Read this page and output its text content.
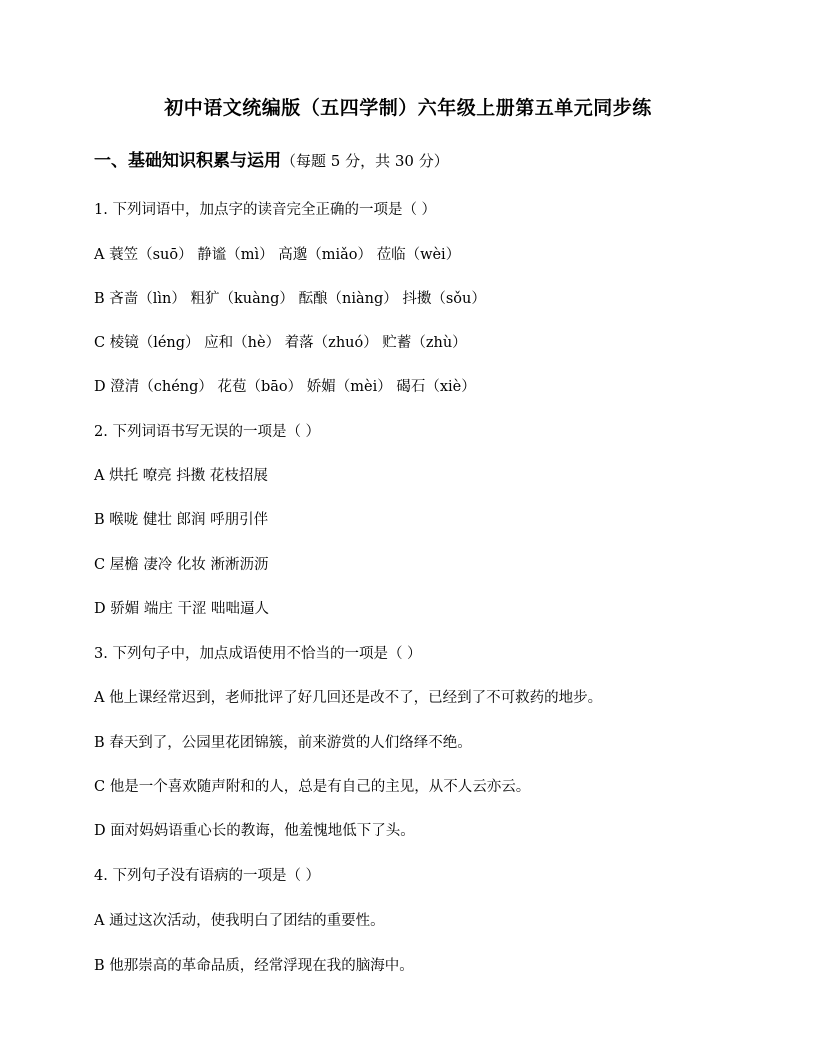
初中语文统编版（五四学制）六年级上册第五单元同步练
一、基础知识积累与运用（每题 5 分，共 30 分）
1. 下列词语中，加点字的读音完全正确的一项是（ ）
A 蓑笠（suō） 静谧（mì） 高邈（miǎo） 莅临（wèi）
B 吝啬（lìn） 粗犷（kuàng） 酝酿（niàng） 抖擞（sǒu）
C 棱镜（léng） 应和（hè） 着落（zhuó） 贮蓄（zhù）
D 澄清（chéng） 花苞（bāo） 娇媚（mèi） 碣石（xiè）
2. 下列词语书写无误的一项是（ ）
A 烘托 嘹亮 抖擞 花枝招展
B 喉咙 健壮 郎润 呼朋引伴
C 屋檐 凄冷 化妆 淅淅沥沥
D 骄媚 端庄 干涩 咄咄逼人
3. 下列句子中，加点成语使用不恰当的一项是（ ）
A 他上课经常迟到，老师批评了好几回还是改不了，已经到了不可救药的地步。
B 春天到了，公园里花团锦簇，前来游赏的人们络绎不绝。
C 他是一个喜欢随声附和的人，总是有自己的主见，从不人云亦云。
D 面对妈妈语重心长的教诲，他羞愧地低下了头。
4. 下列句子没有语病的一项是（ ）
A 通过这次活动，使我明白了团结的重要性。
B 他那崇高的革命品质，经常浮现在我的脑海中。
